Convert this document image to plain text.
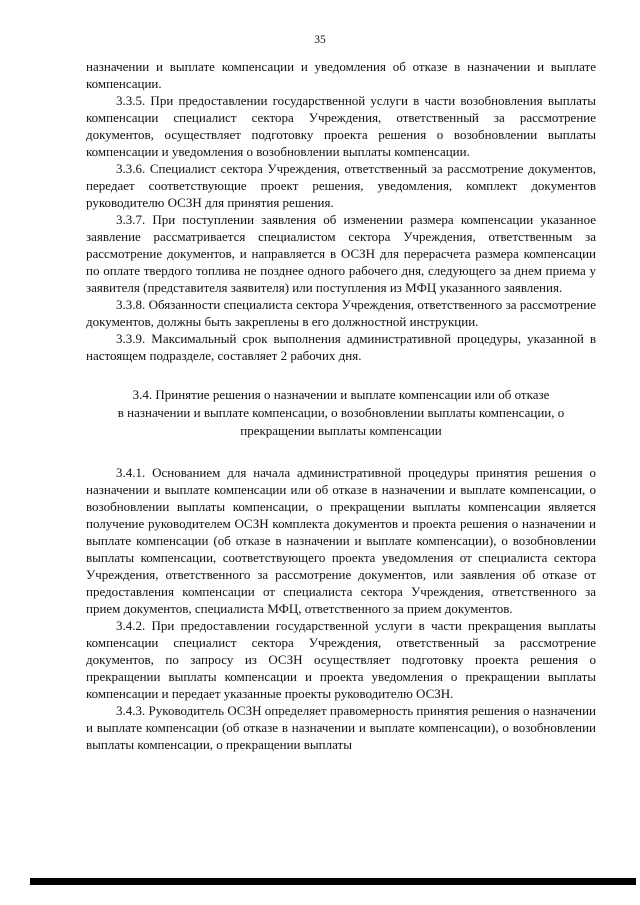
35

назначении и выплате компенсации и уведомления об отказе в назначении и выплате компенсации.

3.3.5. При предоставлении государственной услуги в части возобновления выплаты компенсации специалист сектора Учреждения, ответственный за рассмотрение документов, осуществляет подготовку проекта решения о возобновлении выплаты компенсации и уведомления о возобновлении выплаты компенсации.

3.3.6. Специалист сектора Учреждения, ответственный за рассмотрение документов, передает соответствующие проект решения, уведомления, комплект документов руководителю ОСЗН для принятия решения.

3.3.7. При поступлении заявления об изменении размера компенсации указанное заявление рассматривается специалистом сектора Учреждения, ответственным за рассмотрение документов, и направляется в ОСЗН для перерасчета размера компенсации по оплате твердого топлива не позднее одного рабочего дня, следующего за днем приема у заявителя (представителя заявителя) или поступления из МФЦ указанного заявления.

3.3.8. Обязанности специалиста сектора Учреждения, ответственного за рассмотрение документов, должны быть закреплены в его должностной инструкции.

3.3.9. Максимальный срок выполнения административной процедуры, указанной в настоящем подразделе, составляет 2 рабочих дня.

3.4. Принятие решения о назначении и выплате компенсации или об отказе
в назначении и выплате компенсации, о возобновлении выплаты компенсации, о
прекращении выплаты компенсации

3.4.1. Основанием для начала административной процедуры принятия решения о назначении и выплате компенсации или об отказе в назначении и выплате компенсации, о возобновлении выплаты компенсации, о прекращении выплаты компенсации является получение руководителем ОСЗН комплекта документов и проекта решения о назначении и выплате компенсации (об отказе в назначении и выплате компенсации), о возобновлении выплаты компенсации, соответствующего проекта уведомления от специалиста сектора Учреждения, ответственного за рассмотрение документов, или заявления об отказе от предоставления компенсации от специалиста сектора Учреждения, ответственного за прием документов, специалиста МФЦ, ответственного за прием документов.

3.4.2. При предоставлении государственной услуги в части прекращения выплаты компенсации специалист сектора Учреждения, ответственный за рассмотрение документов, по запросу из ОСЗН осуществляет подготовку проекта решения о прекращении выплаты компенсации и проекта уведомления о прекращении выплаты компенсации и передает указанные проекты руководителю ОСЗН.

3.4.3. Руководитель ОСЗН определяет правомерность принятия решения о назначении и выплате компенсации (об отказе в назначении и выплате компенсации), о возобновлении выплаты компенсации, о прекращении выплаты
